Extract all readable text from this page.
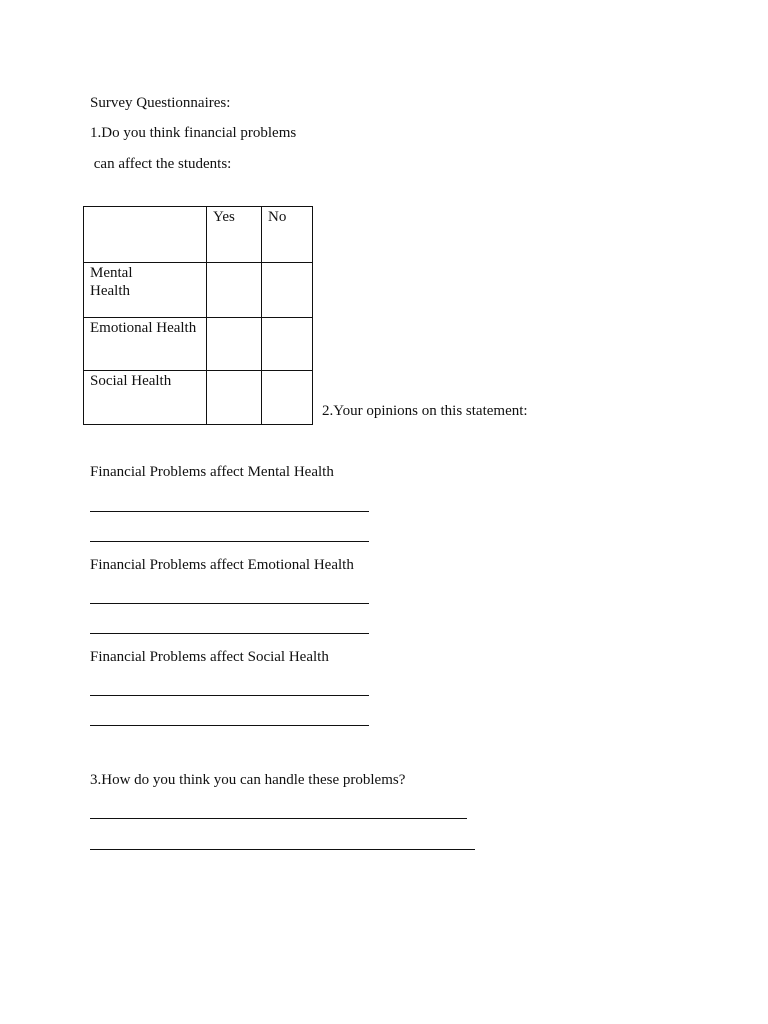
Survey Questionnaires:
1.Do you think financial problems
can affect the students:

	Yes	No

Mental Health		

Emotional Health		

Social Health		

2.Your opinions on this statement:
Financial Problems affect Mental Health
Financial Problems affect Emotional Health
Financial Problems affect Social Health
3.How do you think you can handle these problems?
